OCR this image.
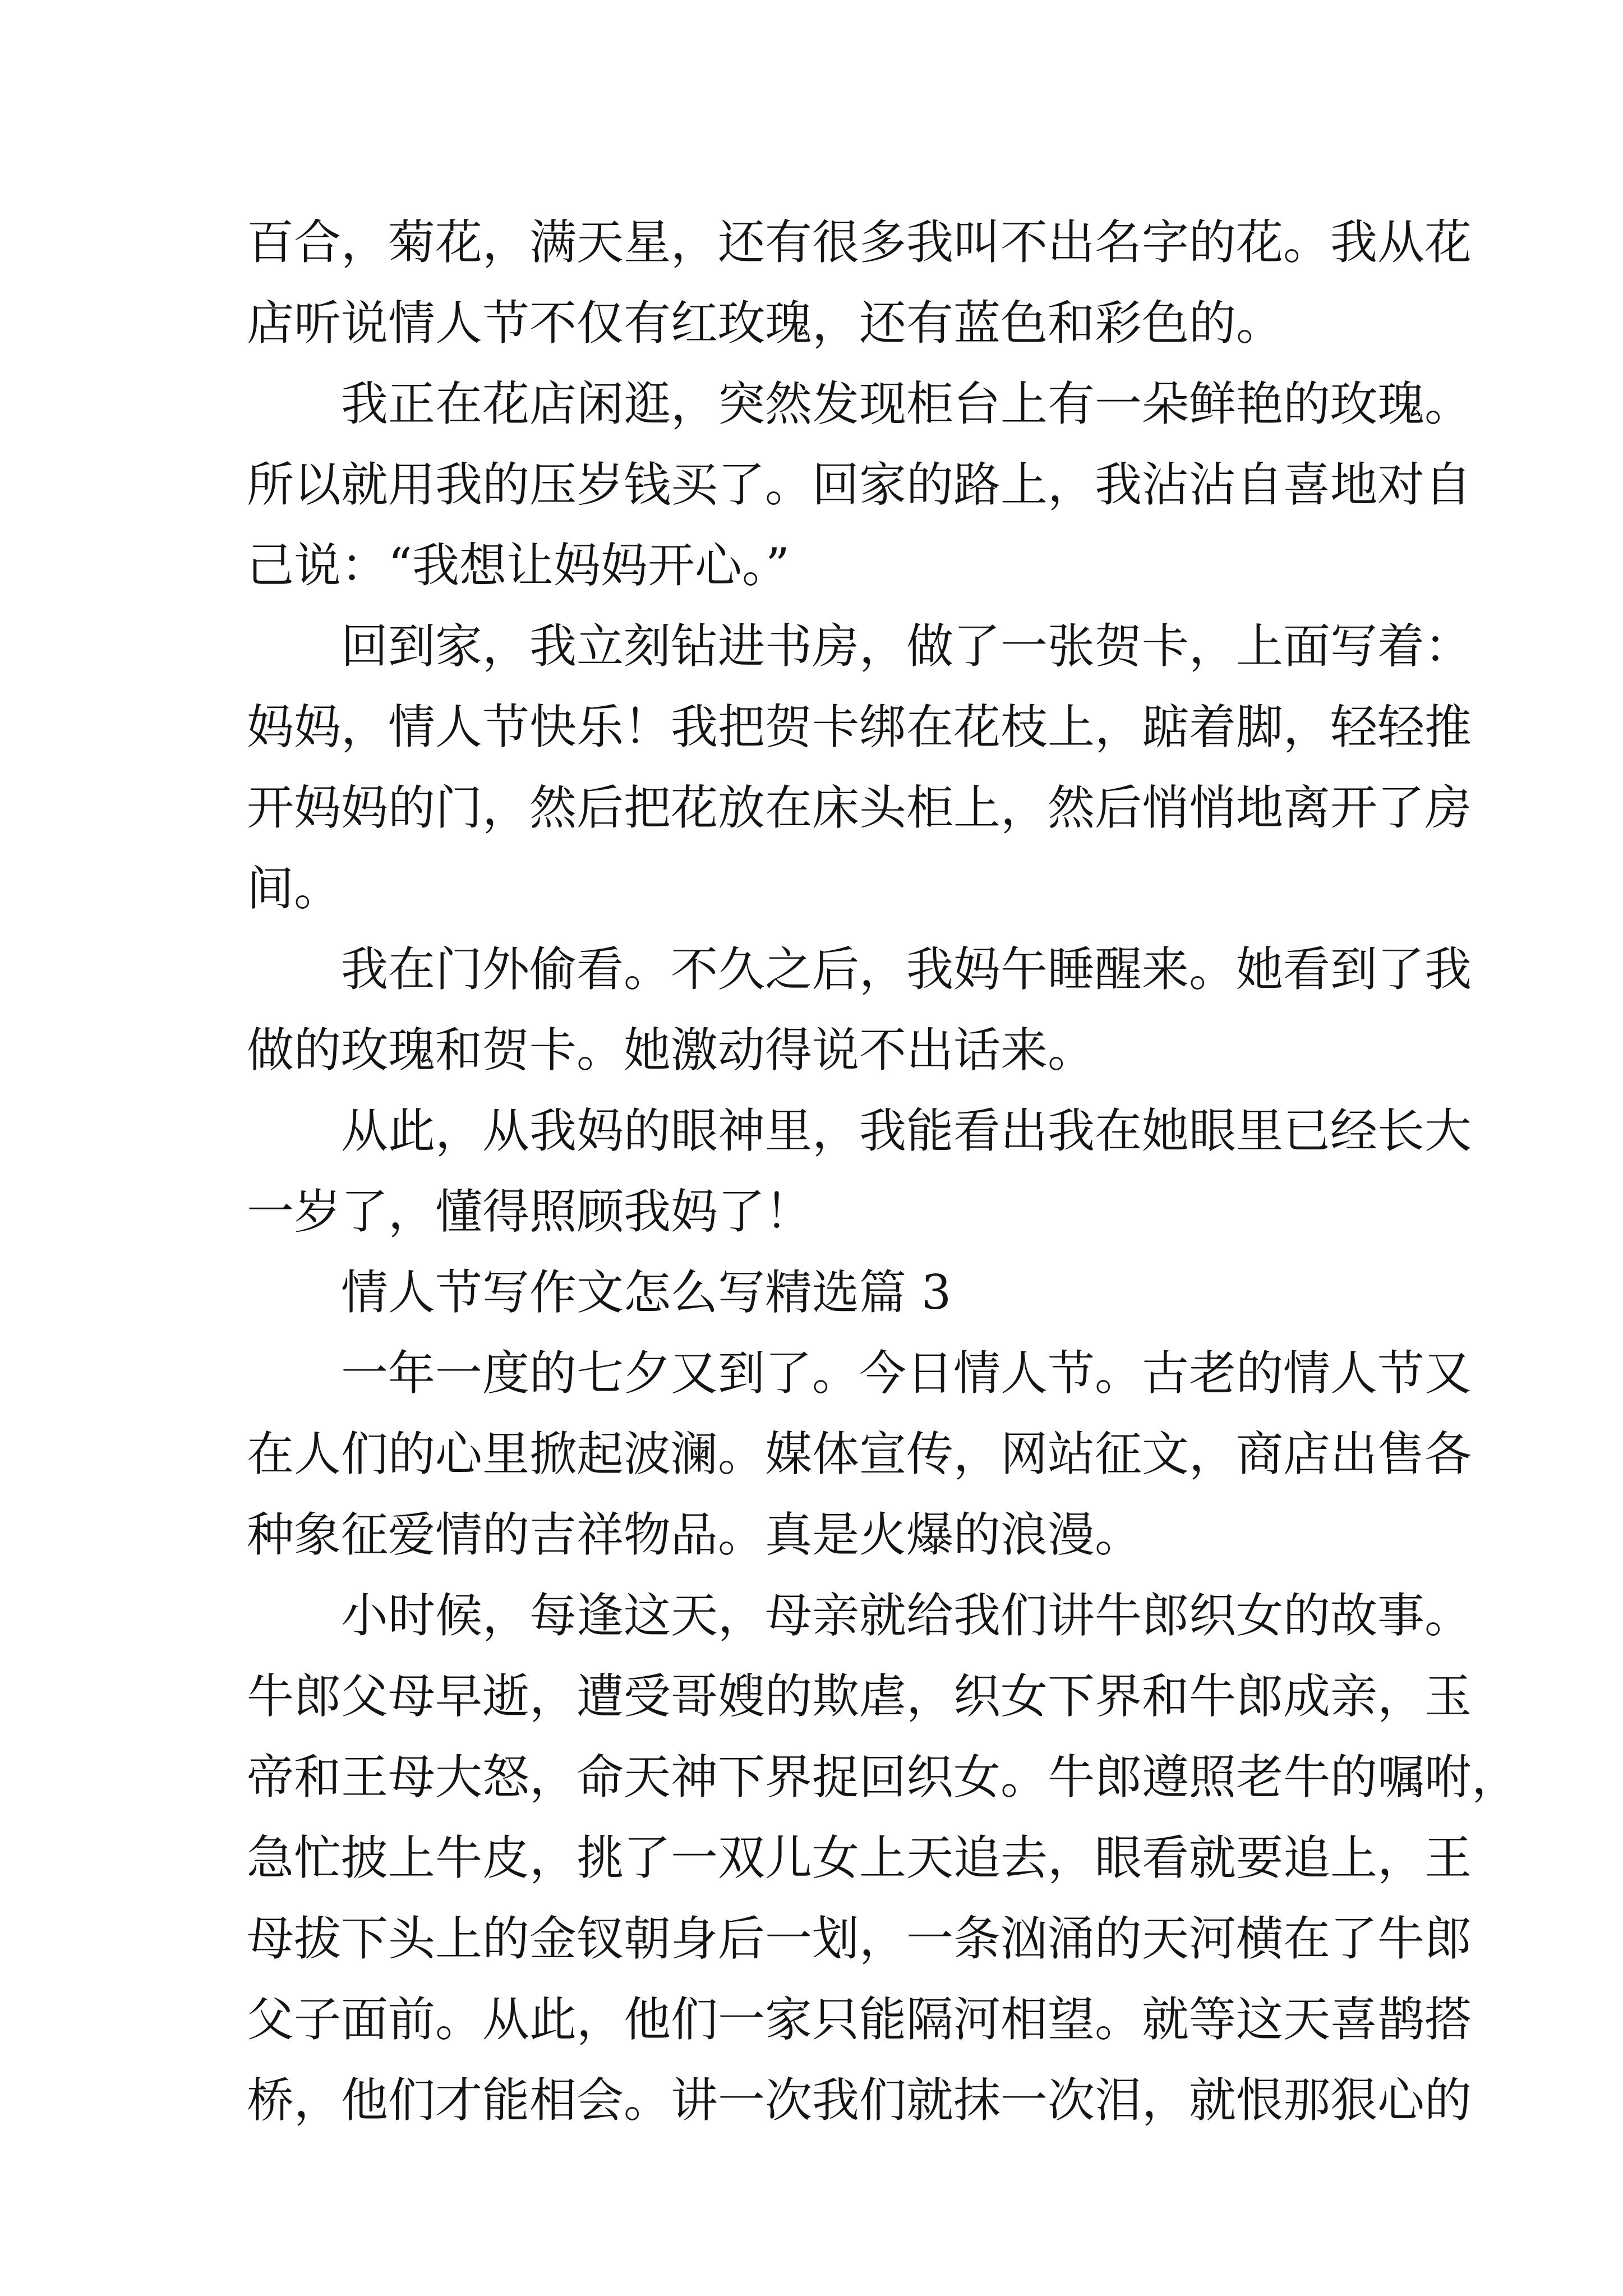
百合，菊花，满天星，还有很多我叫不出名字的花。我从花
店听说情人节不仅有红玫瑰，还有蓝色和彩色的。
我正在花店闲逛，突然发现柜台上有一朵鲜艳的玫瑰。
所以就用我的压岁钱买了。回家的路上，我沾沾自喜地对自
己说：“我想让妈妈开心。”
回到家，我立刻钻进书房，做了一张贺卡，上面写着：
妈妈，情人节快乐！我把贺卡绑在花枝上，踮着脚，轻轻推
开妈妈的门，然后把花放在床头柜上，然后悄悄地离开了房
间。
我在门外偷看。不久之后，我妈午睡醒来。她看到了我
做的玫瑰和贺卡。她激动得说不出话来。
从此，从我妈的眼神里，我能看出我在她眼里已经长大
一岁了，懂得照顾我妈了！
情人节写作文怎么写精选篇 3
一年一度的七夕又到了。今日情人节。古老的情人节又
在人们的心里掀起波澜。媒体宣传，网站征文，商店出售各
种象征爱情的吉祥物品。真是火爆的浪漫。
小时候，每逢这天，母亲就给我们讲牛郎织女的故事。
牛郎父母早逝，遭受哥嫂的欺虐，织女下界和牛郎成亲，玉
帝和王母大怒，命天神下界捉回织女。牛郎遵照老牛的嘱咐，
急忙披上牛皮，挑了一双儿女上天追去，眼看就要追上，王
母拔下头上的金钗朝身后一划，一条汹涌的天河横在了牛郎
父子面前。从此，他们一家只能隔河相望。就等这天喜鹊搭
桥，他们才能相会。讲一次我们就抹一次泪，就恨那狠心的
